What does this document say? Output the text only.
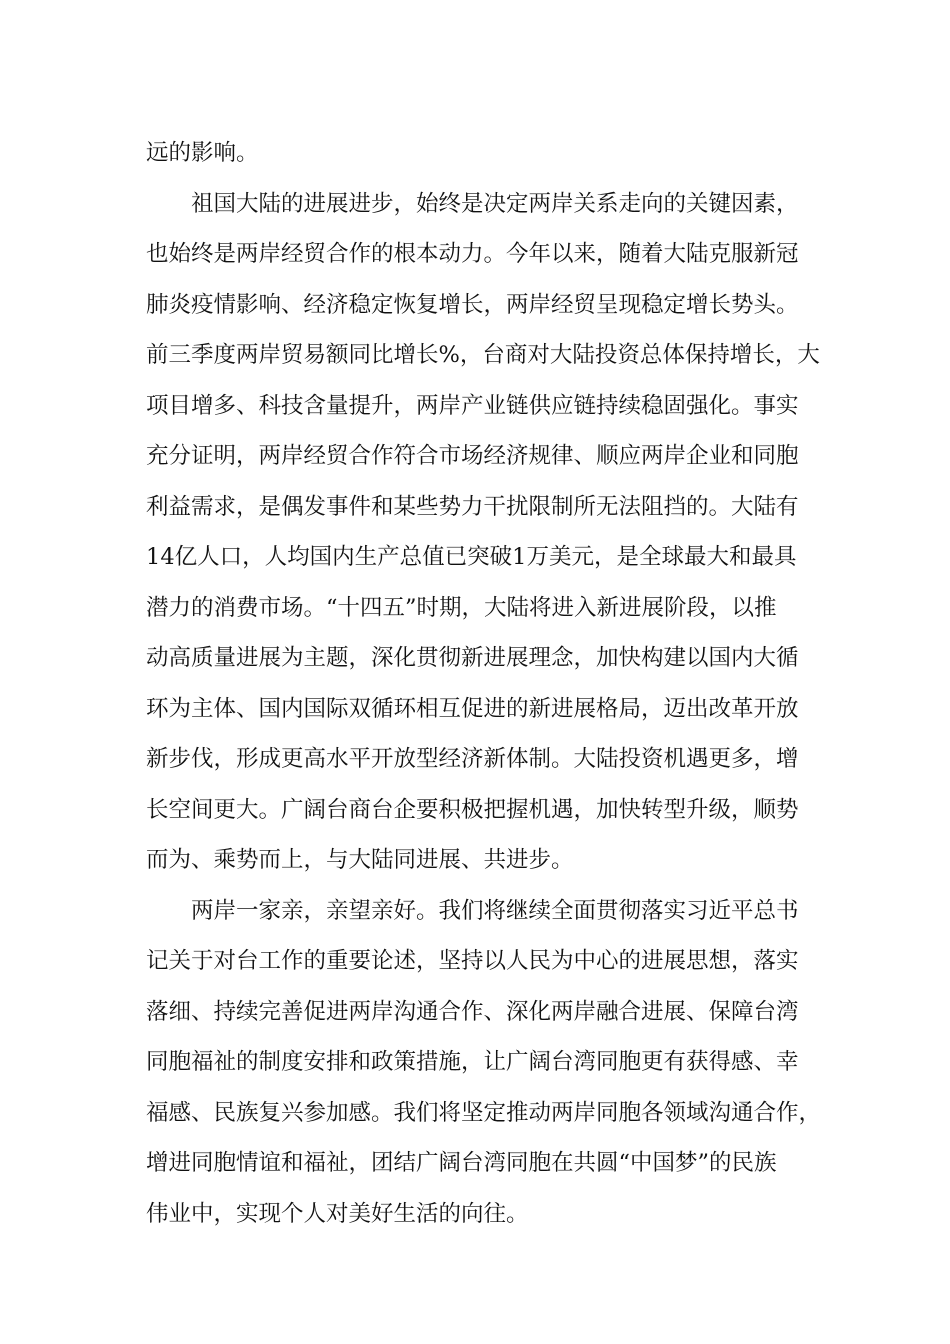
远的影响。
祖国大陆的进展进步，始终是决定两岸关系走向的关键因素，
也始终是两岸经贸合作的根本动力。今年以来，随着大陆克服新冠
肺炎疫情影响、经济稳定恢复增长，两岸经贸呈现稳定增长势头。
前三季度两岸贸易额同比增长%，台商对大陆投资总体保持增长，大
项目增多、科技含量提升，两岸产业链供应链持续稳固强化。事实
充分证明，两岸经贸合作符合市场经济规律、顺应两岸企业和同胞
利益需求，是偶发事件和某些势力干扰限制所无法阻挡的。大陆有
14亿人口，人均国内生产总值已突破1万美元，是全球最大和最具
潜力的消费市场。“十四五”时期，大陆将进入新进展阶段，以推
动高质量进展为主题，深化贯彻新进展理念，加快构建以国内大循
环为主体、国内国际双循环相互促进的新进展格局，迈出改革开放
新步伐，形成更高水平开放型经济新体制。大陆投资机遇更多，增
长空间更大。广阔台商台企要积极把握机遇，加快转型升级，顺势
而为、乘势而上，与大陆同进展、共进步。
两岸一家亲，亲望亲好。我们将继续全面贯彻落实习近平总书
记关于对台工作的重要论述，坚持以人民为中心的进展思想，落实
落细、持续完善促进两岸沟通合作、深化两岸融合进展、保障台湾
同胞福祉的制度安排和政策措施，让广阔台湾同胞更有获得感、幸
福感、民族复兴参加感。我们将坚定推动两岸同胞各领域沟通合作，
增进同胞情谊和福祉，团结广阔台湾同胞在共圆“中国梦”的民族
伟业中，实现个人对美好生活的向往。
